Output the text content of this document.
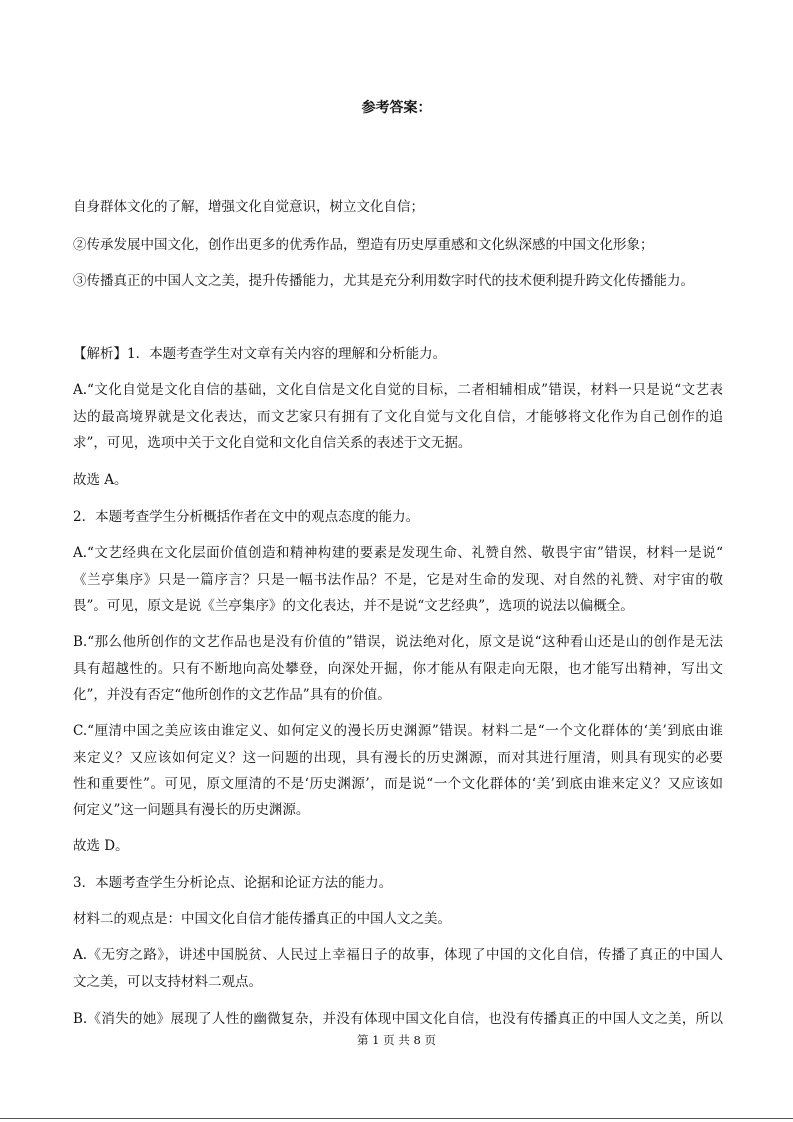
参考答案：
自身群体文化的了解，增强文化自觉意识，树立文化自信；
②传承发展中国文化，创作出更多的优秀作品，塑造有历史厚重感和文化纵深感的中国文化形象；
③传播真正的中国人文之美，提升传播能力，尤其是充分利用数字时代的技术便利提升跨文化传播能力。
【解析】1．本题考查学生对文章有关内容的理解和分析能力。
A.“文化自觉是文化自信的基础，文化自信是文化自觉的目标，二者相辅相成”错误，材料一只是说“文艺表
达的最高境界就是文化表达，而文艺家只有拥有了文化自觉与文化自信，才能够将文化作为自己创作的追
求”，可见，选项中关于文化自觉和文化自信关系的表述于文无据。
故选 A。
2．本题考查学生分析概括作者在文中的观点态度的能力。
A.“文艺经典在文化层面价值创造和精神构建的要素是发现生命、礼赞自然、敬畏宇宙”错误，材料一是说“
《兰亭集序》只是一篇序言？只是一幅书法作品？不是，它是对生命的发现、对自然的礼赞、对宇宙的敬
畏”。可见，原文是说《兰亭集序》的文化表达，并不是说“文艺经典”，选项的说法以偏概全。
B.“那么他所创作的文艺作品也是没有价值的”错误，说法绝对化，原文是说“这种看山还是山的创作是无法
具有超越性的。只有不断地向高处攀登，向深处开掘，你才能从有限走向无限，也才能写出精神，写出文
化”，并没有否定“他所创作的文艺作品”具有的价值。
C.“厘清中国之美应该由谁定义、如何定义的漫长历史渊源”错误。材料二是“一个文化群体的‘美’到底由谁
来定义？又应该如何定义？这一问题的出现，具有漫长的历史渊源，而对其进行厘清，则具有现实的必要
性和重要性”。可见，原文厘清的不是‘历史渊源’，而是说“一个文化群体的‘美’到底由谁来定义？又应该如
何定义”这一问题具有漫长的历史渊源。
故选 D。
3．本题考查学生分析论点、论据和论证方法的能力。
材料二的观点是：中国文化自信才能传播真正的中国人文之美。
A.《无穷之路》，讲述中国脱贫、人民过上幸福日子的故事，体现了中国的文化自信，传播了真正的中国人
文之美，可以支持材料二观点。
B.《消失的她》展现了人性的幽微复杂，并没有体现中国文化自信，也没有传播真正的中国人文之美，所以
第 1 页 共 8 页
